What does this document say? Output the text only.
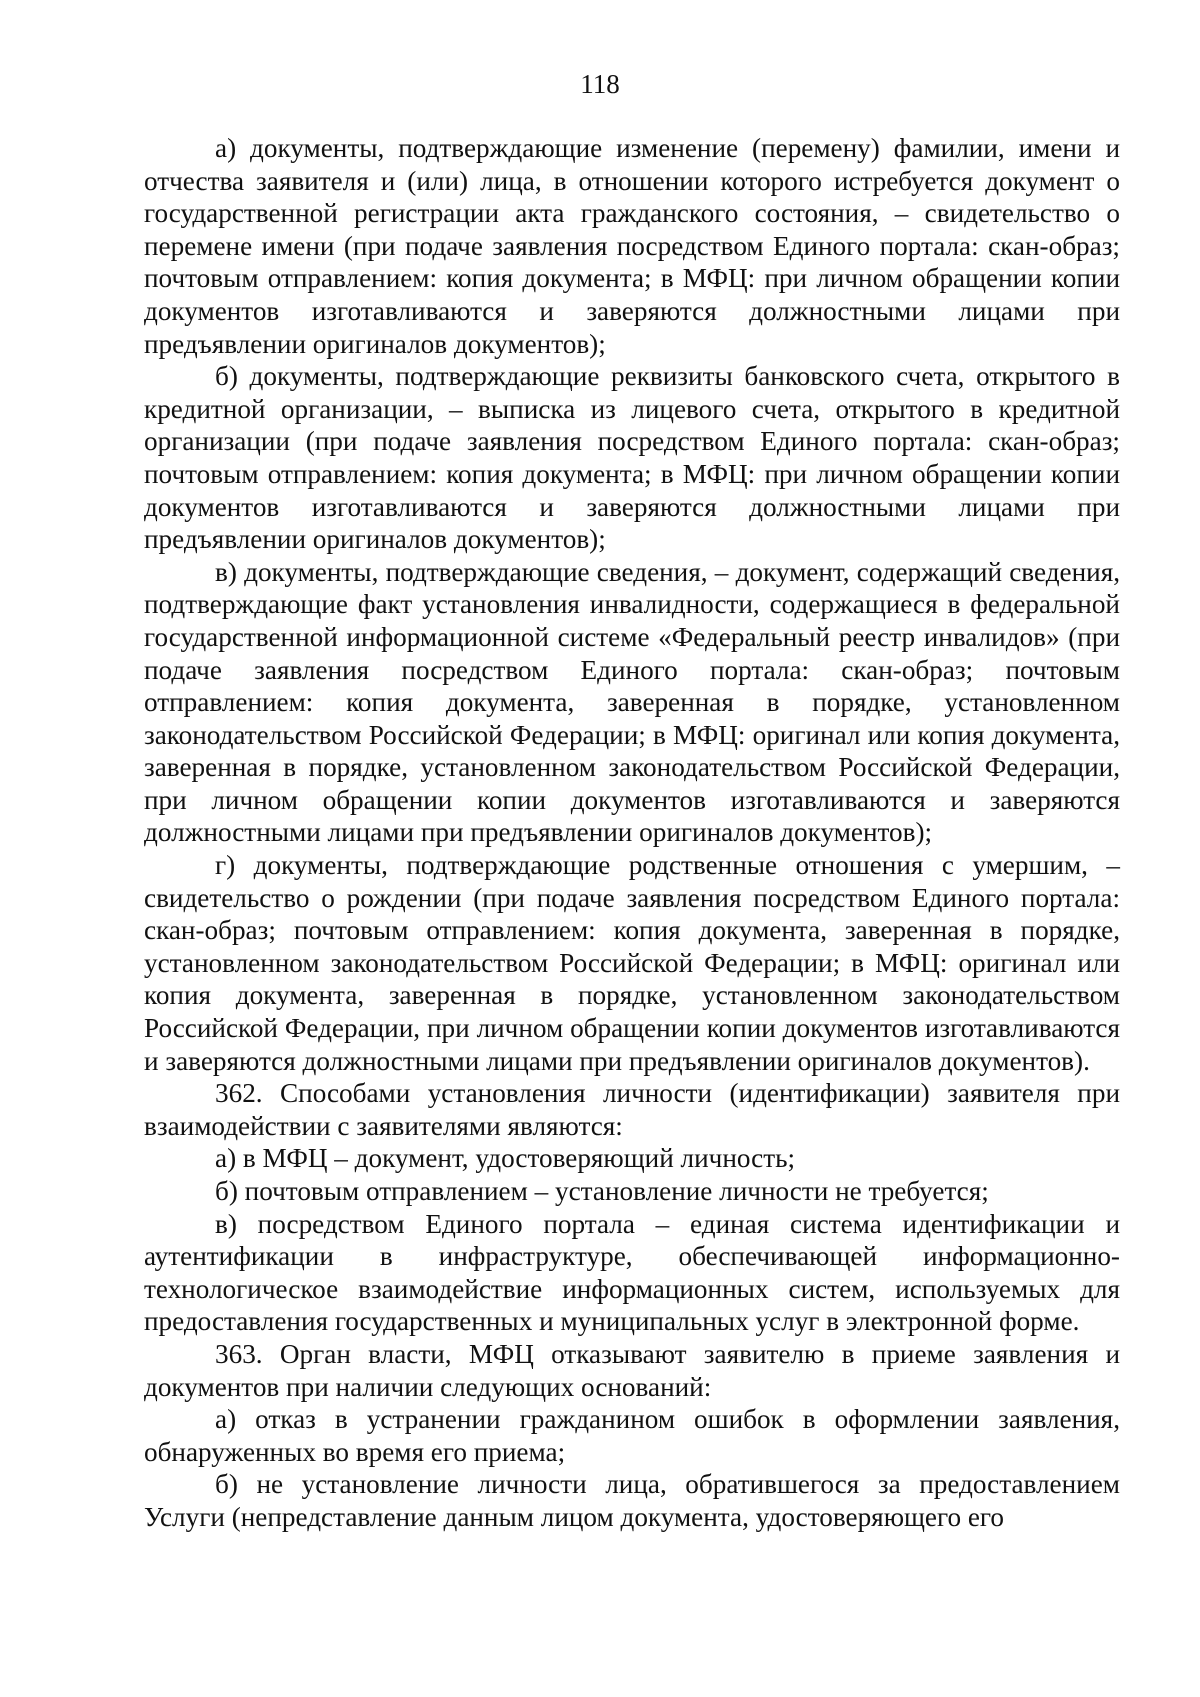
118

а) документы, подтверждающие изменение (перемену) фамилии, имени и отчества заявителя и (или) лица, в отношении которого истребуется документ о государственной регистрации акта гражданского состояния, – свидетельство о перемене имени (при подаче заявления посредством Единого портала: скан-образ; почтовым отправлением: копия документа; в МФЦ: при личном обращении копии документов изготавливаются и заверяются должностными лицами при предъявлении оригиналов документов);

б) документы, подтверждающие реквизиты банковского счета, открытого в кредитной организации, – выписка из лицевого счета, открытого в кредитной организации (при подаче заявления посредством Единого портала: скан-образ; почтовым отправлением: копия документа; в МФЦ: при личном обращении копии документов изготавливаются и заверяются должностными лицами при предъявлении оригиналов документов);

в) документы, подтверждающие сведения, – документ, содержащий сведения, подтверждающие факт установления инвалидности, содержащиеся в федеральной государственной информационной системе «Федеральный реестр инвалидов» (при подаче заявления посредством Единого портала: скан-образ; почтовым отправлением: копия документа, заверенная в порядке, установленном законодательством Российской Федерации; в МФЦ: оригинал или копия документа, заверенная в порядке, установленном законодательством Российской Федерации, при личном обращении копии документов изготавливаются и заверяются должностными лицами при предъявлении оригиналов документов);

г) документы, подтверждающие родственные отношения с умершим, – свидетельство о рождении (при подаче заявления посредством Единого портала: скан-образ; почтовым отправлением: копия документа, заверенная в порядке, установленном законодательством Российской Федерации; в МФЦ: оригинал или копия документа, заверенная в порядке, установленном законодательством Российской Федерации, при личном обращении копии документов изготавливаются и заверяются должностными лицами при предъявлении оригиналов документов).

362. Способами установления личности (идентификации) заявителя при взаимодействии с заявителями являются:

а) в МФЦ – документ, удостоверяющий личность;

б) почтовым отправлением – установление личности не требуется;

в) посредством Единого портала – единая система идентификации и аутентификации в инфраструктуре, обеспечивающей информационно-технологическое взаимодействие информационных систем, используемых для предоставления государственных и муниципальных услуг в электронной форме.

363. Орган власти, МФЦ отказывают заявителю в приеме заявления и документов при наличии следующих оснований:

а) отказ в устранении гражданином ошибок в оформлении заявления, обнаруженных во время его приема;

б) не установление личности лица, обратившегося за предоставлением Услуги (непредставление данным лицом документа, удостоверяющего его
